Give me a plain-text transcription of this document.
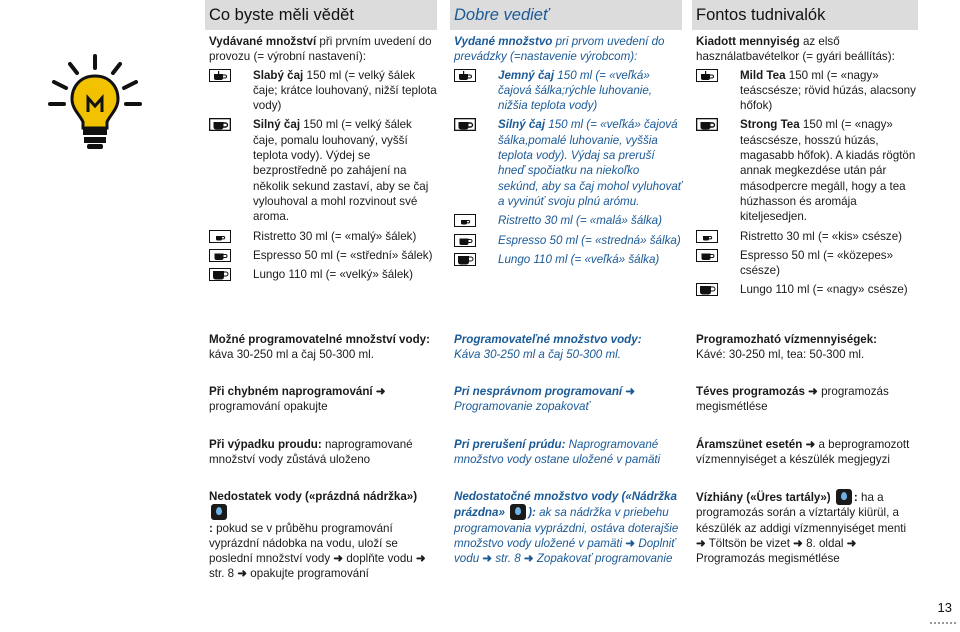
Co byste měli vědět

Vydávané množství při prvním uvedení do provozu (= výrobní nastavení):

Slabý čaj 150 ml (= velký šálek čaje; krátce louhovaný, nižší teplota vody)
Silný čaj 150 ml (= velký šálek čaje, pomalu louhovaný, vyšší teplota vody). Výdej se bezprostředně po zahájení na několik sekund zastaví, aby se čaj vylouhoval a mohl rozvinout své aroma.
Ristretto 30 ml (= «malý» šálek)
Espresso 50 ml (= «střední» šálek)
Lungo 110 ml (= «velký» šálek)

Možné programovatelné množství vody:

káva 30-250 ml a čaj 50-300 ml.

Při chybném naprogramování ➜ programování opakujte

Při výpadku proudu: naprogramované množství vody zůstává uloženo

Nedostatek vody («prázdná nádržka»)
: pokud se v průběhu programování vyprázdní nádobka na vodu, uloží se poslední množství vody ➜ doplňte vodu ➜ str. 8 ➜ opakujte programování

Dobre vedieť

Vydané množstvo pri prvom uvedení do prevádzky (=nastavenie výrobcom):

Jemný čaj 150 ml (= «veľká» čajová šálka;rýchle luhovanie, nižšia teplota vody)
Silný čaj 150 ml (= «veľká» čajová šálka,pomalé luhovanie, vyššia teplota vody). Výdaj sa preruší hneď spočiatku na niekoľko sekúnd, aby sa čaj mohol vyluhovať a vyvinúť svoju plnú arómu.
Ristretto 30 ml (= «malá» šálka)
Espresso 50 ml (= «stredná» šálka)
Lungo 110 ml (= «veľká» šálka)

Programovateľné množstvo vody:

Káva 30-250 ml a čaj 50-300 ml.

Pri nesprávnom programovaní ➜ Programovanie zopakovať

Pri prerušení prúdu: Naprogramované množstvo vody ostane uložené v pamäti

Nedostatočné množstvo vody («Nádržka prázdna» ): ak sa nádržka v priebehu programovania vyprázdni, ostáva doterajšie množstvo vody uložené v pamäti ➜ Doplniť vodu ➜ str. 8 ➜ Zopakovať programovanie

Fontos tudnivalók

Kiadott mennyiség az első használatbavételkor (= gyári beállítás):

Mild Tea 150 ml (= «nagy» teáscsésze; rövid húzás, alacsony hőfok)
Strong Tea 150 ml (= «nagy» teáscsésze, hosszú húzás, magasabb hőfok). A kiadás rögtön annak megkezdése után pár másodpercre megáll, hogy a tea húzhasson és aromája kiteljesedjen.
Ristretto 30 ml (= «kis» csésze)
Espresso 50 ml (= «közepes» csésze)
Lungo 110 ml (= «nagy» csésze)

Programozható vízmennyiségek:

Kávé: 30-250 ml, tea: 50-300 ml.

Téves programozás ➜ programozás megismétlése

Áramszünet esetén ➜ a beprogramozott vízmennyiséget a készülék megjegyzi

Vízhiány («Üres tartály») : ha a programozás során a víztartály kiürül, a készülék az addigi vízmennyiséget menti ➜ Töltsön be vizet ➜ 8. oldal ➜ Programozás megismétlése

13
